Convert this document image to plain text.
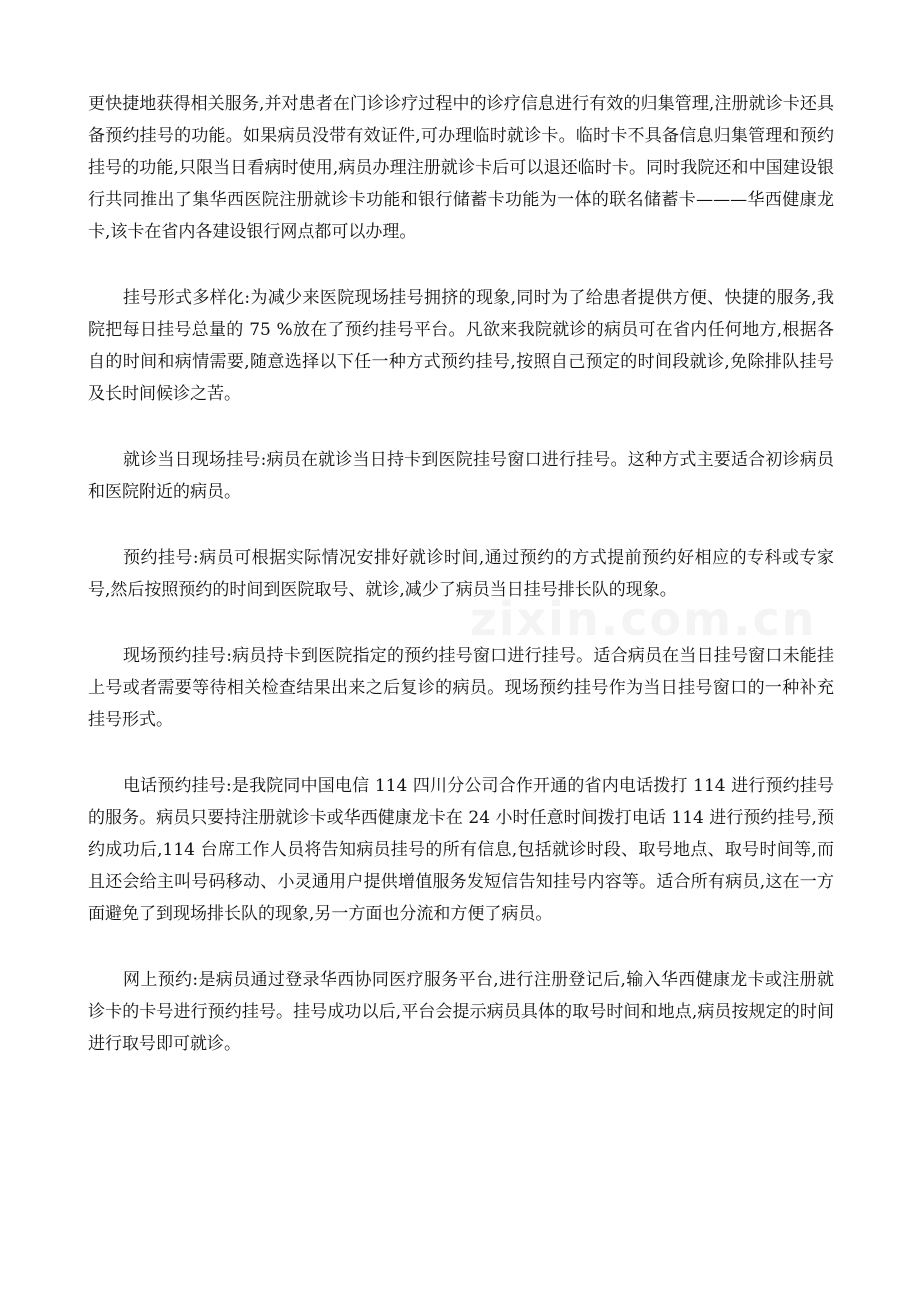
更快捷地获得相关服务,并对患者在门诊诊疗过程中的诊疗信息进行有效的归集管理,注册就诊卡还具备预约挂号的功能。如果病员没带有效证件,可办理临时就诊卡。临时卡不具备信息归集管理和预约挂号的功能,只限当日看病时使用,病员办理注册就诊卡后可以退还临时卡。同时我院还和中国建设银行共同推出了集华西医院注册就诊卡功能和银行储蓄卡功能为一体的联名储蓄卡———华西健康龙卡,该卡在省内各建设银行网点都可以办理。

挂号形式多样化:为减少来医院现场挂号拥挤的现象,同时为了给患者提供方便、快捷的服务,我院把每日挂号总量的 75 %放在了预约挂号平台。凡欲来我院就诊的病员可在省内任何地方,根据各自的时间和病情需要,随意选择以下任一种方式预约挂号,按照自己预定的时间段就诊,免除排队挂号及长时间候诊之苦。

就诊当日现场挂号:病员在就诊当日持卡到医院挂号窗口进行挂号。这种方式主要适合初诊病员和医院附近的病员。

预约挂号:病员可根据实际情况安排好就诊时间,通过预约的方式提前预约好相应的专科或专家号,然后按照预约的时间到医院取号、就诊,减少了病员当日挂号排长队的现象。

现场预约挂号:病员持卡到医院指定的预约挂号窗口进行挂号。适合病员在当日挂号窗口未能挂上号或者需要等待相关检查结果出来之后复诊的病员。现场预约挂号作为当日挂号窗口的一种补充挂号形式。

电话预约挂号:是我院同中国电信 114 四川分公司合作开通的省内电话拨打 114 进行预约挂号的服务。病员只要持注册就诊卡或华西健康龙卡在 24 小时任意时间拨打电话 114 进行预约挂号,预约成功后,114 台席工作人员将告知病员挂号的所有信息,包括就诊时段、取号地点、取号时间等,而且还会给主叫号码移动、小灵通用户提供增值服务发短信告知挂号内容等。适合所有病员,这在一方面避免了到现场排长队的现象,另一方面也分流和方便了病员。

网上预约:是病员通过登录华西协同医疗服务平台,进行注册登记后,输入华西健康龙卡或注册就诊卡的卡号进行预约挂号。挂号成功以后,平台会提示病员具体的取号时间和地点,病员按规定的时间进行取号即可就诊。

zixin.com.cn
